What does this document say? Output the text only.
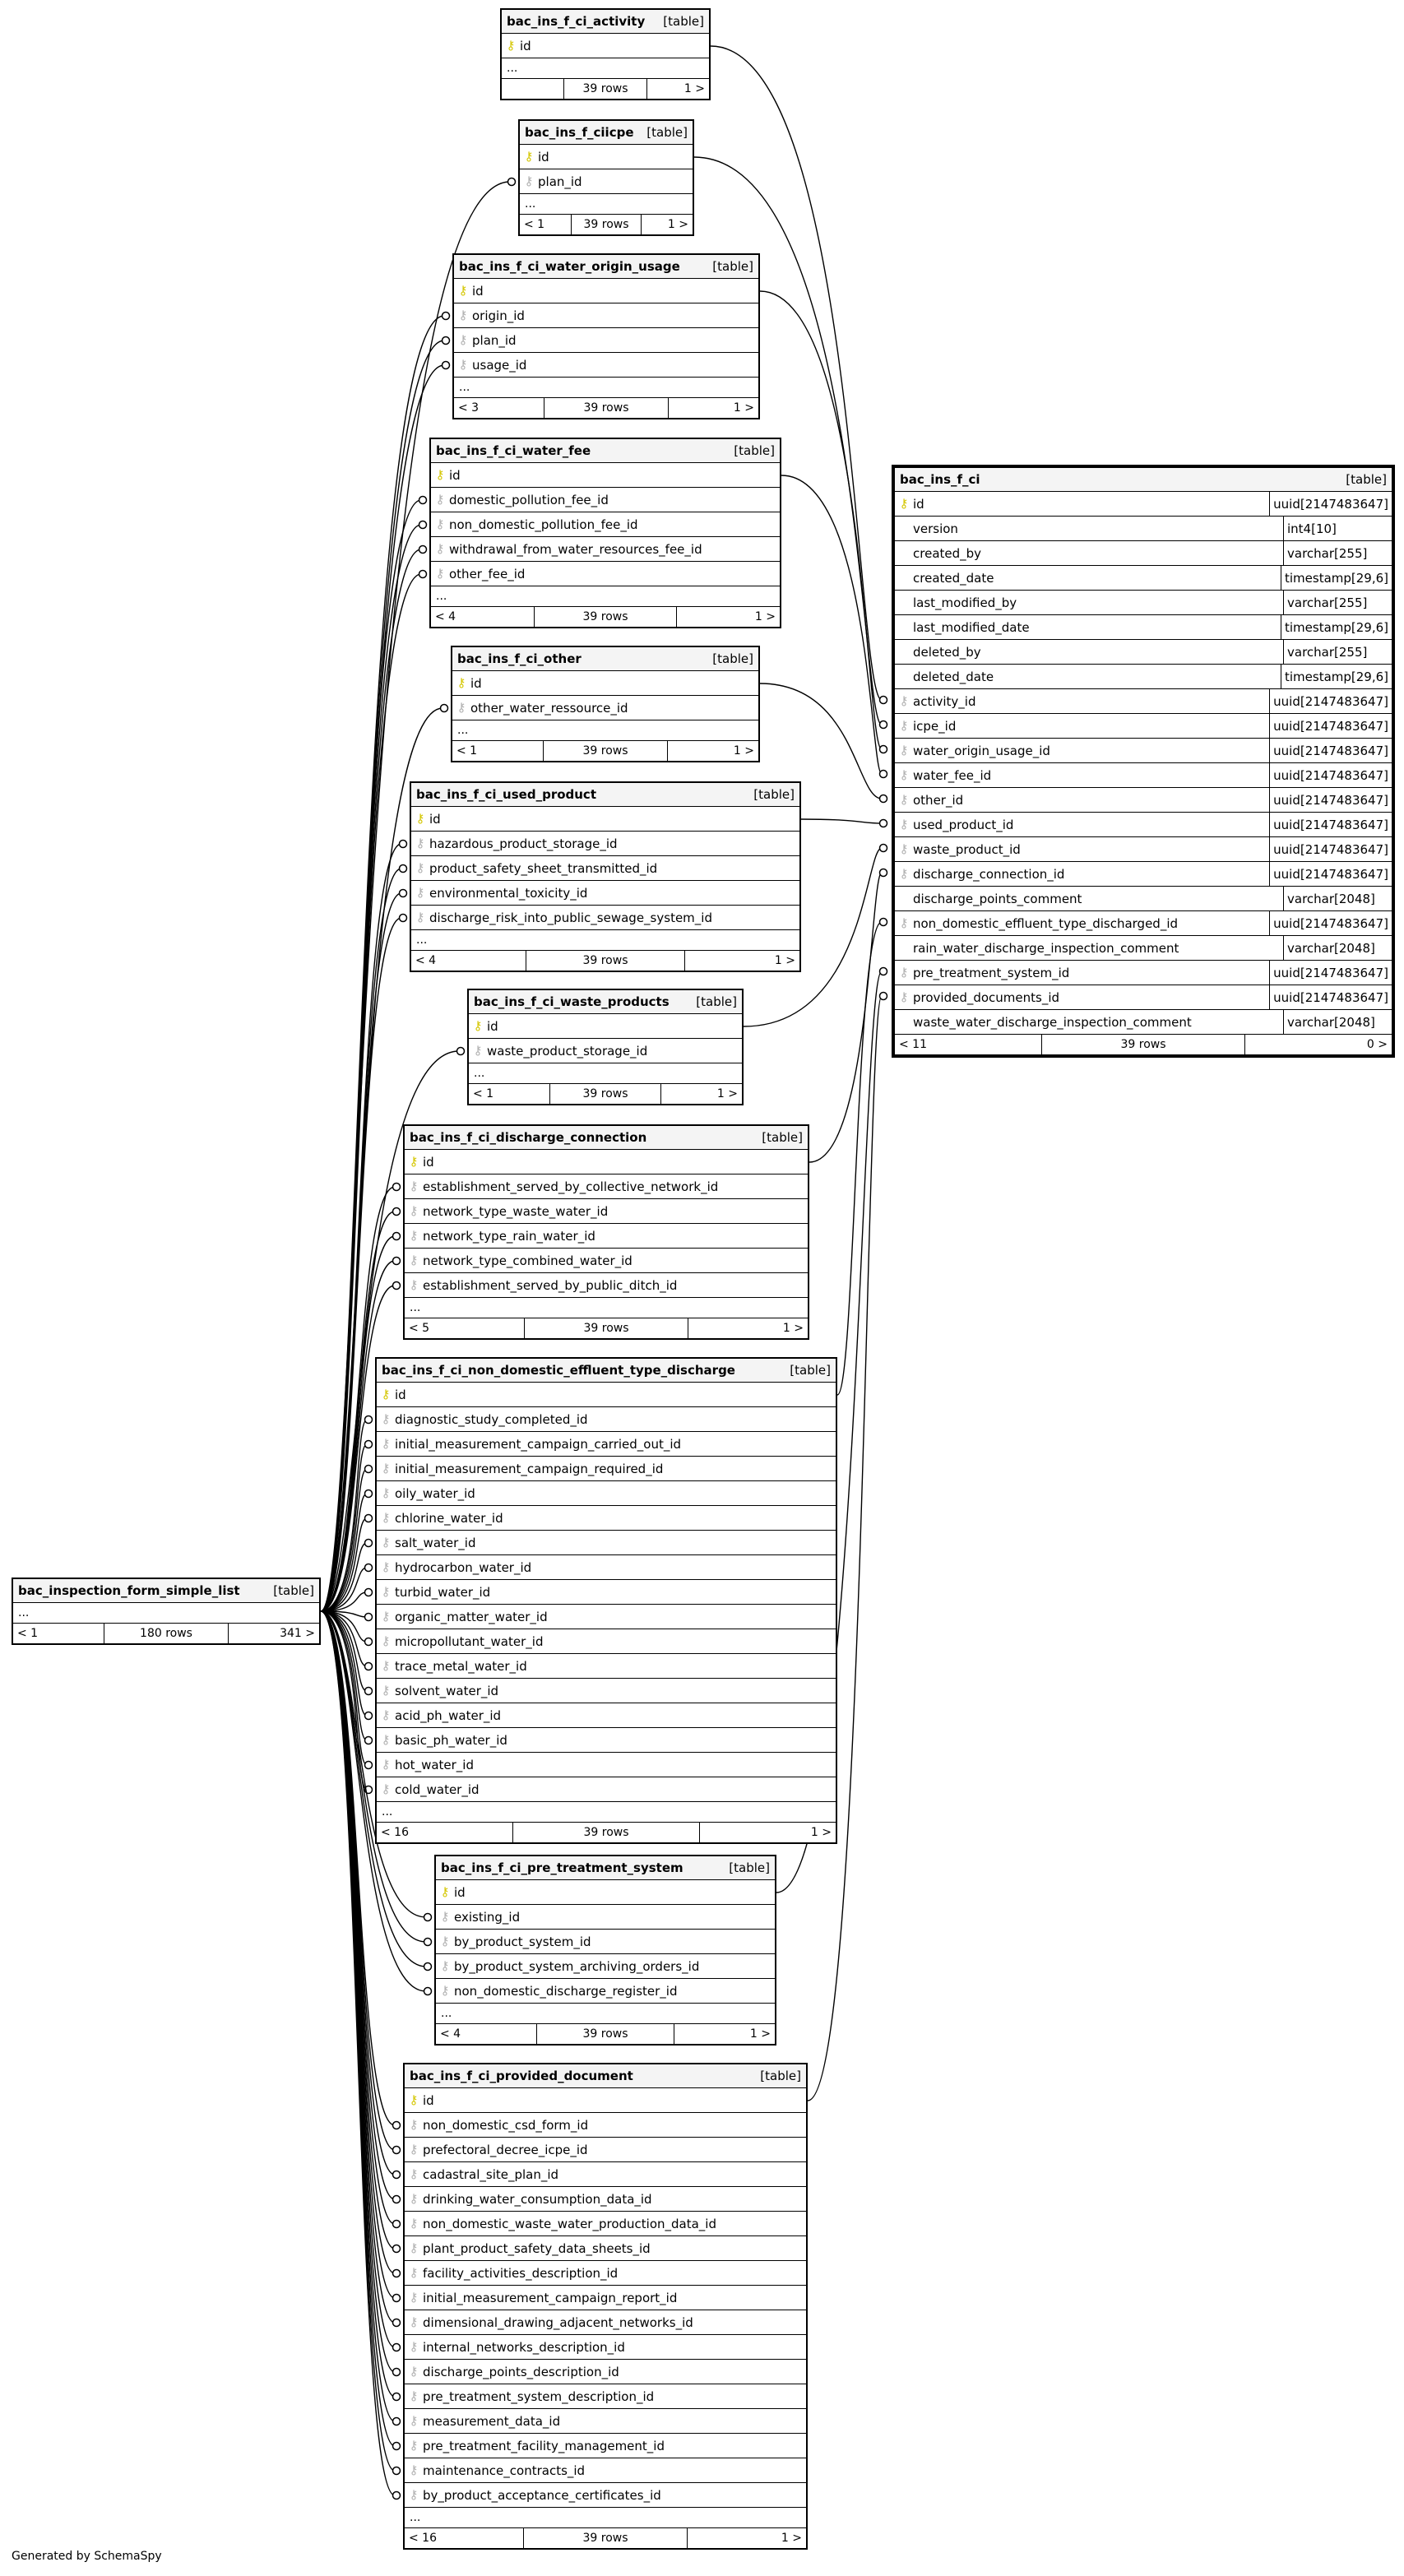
bac_ins_f_ci_activity [table]
⚷ id
...
39 rows	1 >
bac_ins_f_ciicpe [table]
⚷ id
⚷ plan_id
...
< 1	39 rows	1 >
bac_ins_f_ci_water_origin_usage	[table]
⚷ id
⚷ origin_id
⚷ plan_id
⚷ usage_id
...
< 3	39 rows	1 >
bac_ins_f_ci_water_fee	[table]
⚷ id
⚷ domestic_pollution_fee_id
⚷ non_domestic_pollution_fee_id
⚷ withdrawal_from_water_resources_fee_id
⚷ other_fee_id
...
< 4	39 rows	1 >
bac_ins_f_ci_other	[table]
⚷ id
⚷ other_water_ressource_id
...
< 1	39 rows	1 >
bac_ins_f_ci_used_product	[table]
⚷ id
⚷ hazardous_product_storage_id
⚷ product_safety_sheet_transmitted_id
⚷ environmental_toxicity_id
⚷ discharge_risk_into_public_sewage_system_id
...
< 4	39 rows	1 >
bac_ins_f_ci_waste_products [table]
⚷ id
⚷ waste_product_storage_id
...
< 1	39 rows	1 >
bac_ins_f_ci_discharge_connection	[table]
⚷ id
⚷ establishment_served_by_collective_network_id
⚷ network_type_waste_water_id
⚷ network_type_rain_water_id
⚷ network_type_combined_water_id
⚷ establishment_served_by_public_ditch_id
...
< 5	39 rows	1 >
bac_ins_f_ci_non_domestic_effluent_type_discharge	[table]
⚷ id
⚷ diagnostic_study_completed_id
⚷ initial_measurement_campaign_carried_out_id
⚷ initial_measurement_campaign_required_id
⚷ oily_water_id
⚷ chlorine_water_id
⚷ salt_water_id
⚷ hydrocarbon_water_id
⚷ turbid_water_id
⚷ organic_matter_water_id
⚷ micropollutant_water_id
⚷ trace_metal_water_id
⚷ solvent_water_id
⚷ acid_ph_water_id
⚷ basic_ph_water_id
⚷ hot_water_id
⚷ cold_water_id
...
< 16	39 rows	1 >
bac_ins_f_ci_pre_treatment_system	[table]
⚷ id
⚷ existing_id
⚷ by_product_system_id
⚷ by_product_system_archiving_orders_id
⚷ non_domestic_discharge_register_id
...
< 4	39 rows	1 >
bac_ins_f_ci_provided_document	[table]
⚷ id
⚷ non_domestic_csd_form_id
⚷ prefectoral_decree_icpe_id
⚷ cadastral_site_plan_id
⚷ drinking_water_consumption_data_id
⚷ non_domestic_waste_water_production_data_id
⚷ plant_product_safety_data_sheets_id
⚷ facility_activities_description_id
⚷ initial_measurement_campaign_report_id
⚷ dimensional_drawing_adjacent_networks_id
⚷ internal_networks_description_id
⚷ discharge_points_description_id
⚷ pre_treatment_system_description_id
⚷ measurement_data_id
⚷ pre_treatment_facility_management_id
⚷ maintenance_contracts_id
⚷ by_product_acceptance_certificates_id
...
< 16	39 rows	1 >
bac_inspection_form_simple_list	[table]
...
< 1	180 rows	341 >
bac_ins_f_ci	[table]
⚷ id	uuid[2147483647]
version	int4[10]
created_by	varchar[255]
created_date	timestamp[29,6]
last_modified_by	varchar[255]
last_modified_date	timestamp[29,6]
deleted_by	varchar[255]
deleted_date	timestamp[29,6]
⚷ activity_id	uuid[2147483647]
⚷ icpe_id	uuid[2147483647]
⚷ water_origin_usage_id	uuid[2147483647]
⚷ water_fee_id	uuid[2147483647]
⚷ other_id	uuid[2147483647]
⚷ used_product_id	uuid[2147483647]
⚷ waste_product_id	uuid[2147483647]
⚷ discharge_connection_id	uuid[2147483647]
discharge_points_comment	varchar[2048]
⚷ non_domestic_effluent_type_discharged_id	uuid[2147483647]
rain_water_discharge_inspection_comment	varchar[2048]
⚷ pre_treatment_system_id	uuid[2147483647]
⚷ provided_documents_id	uuid[2147483647]
waste_water_discharge_inspection_comment	varchar[2048]
< 11	39 rows	0 >
Generated by SchemaSpy
